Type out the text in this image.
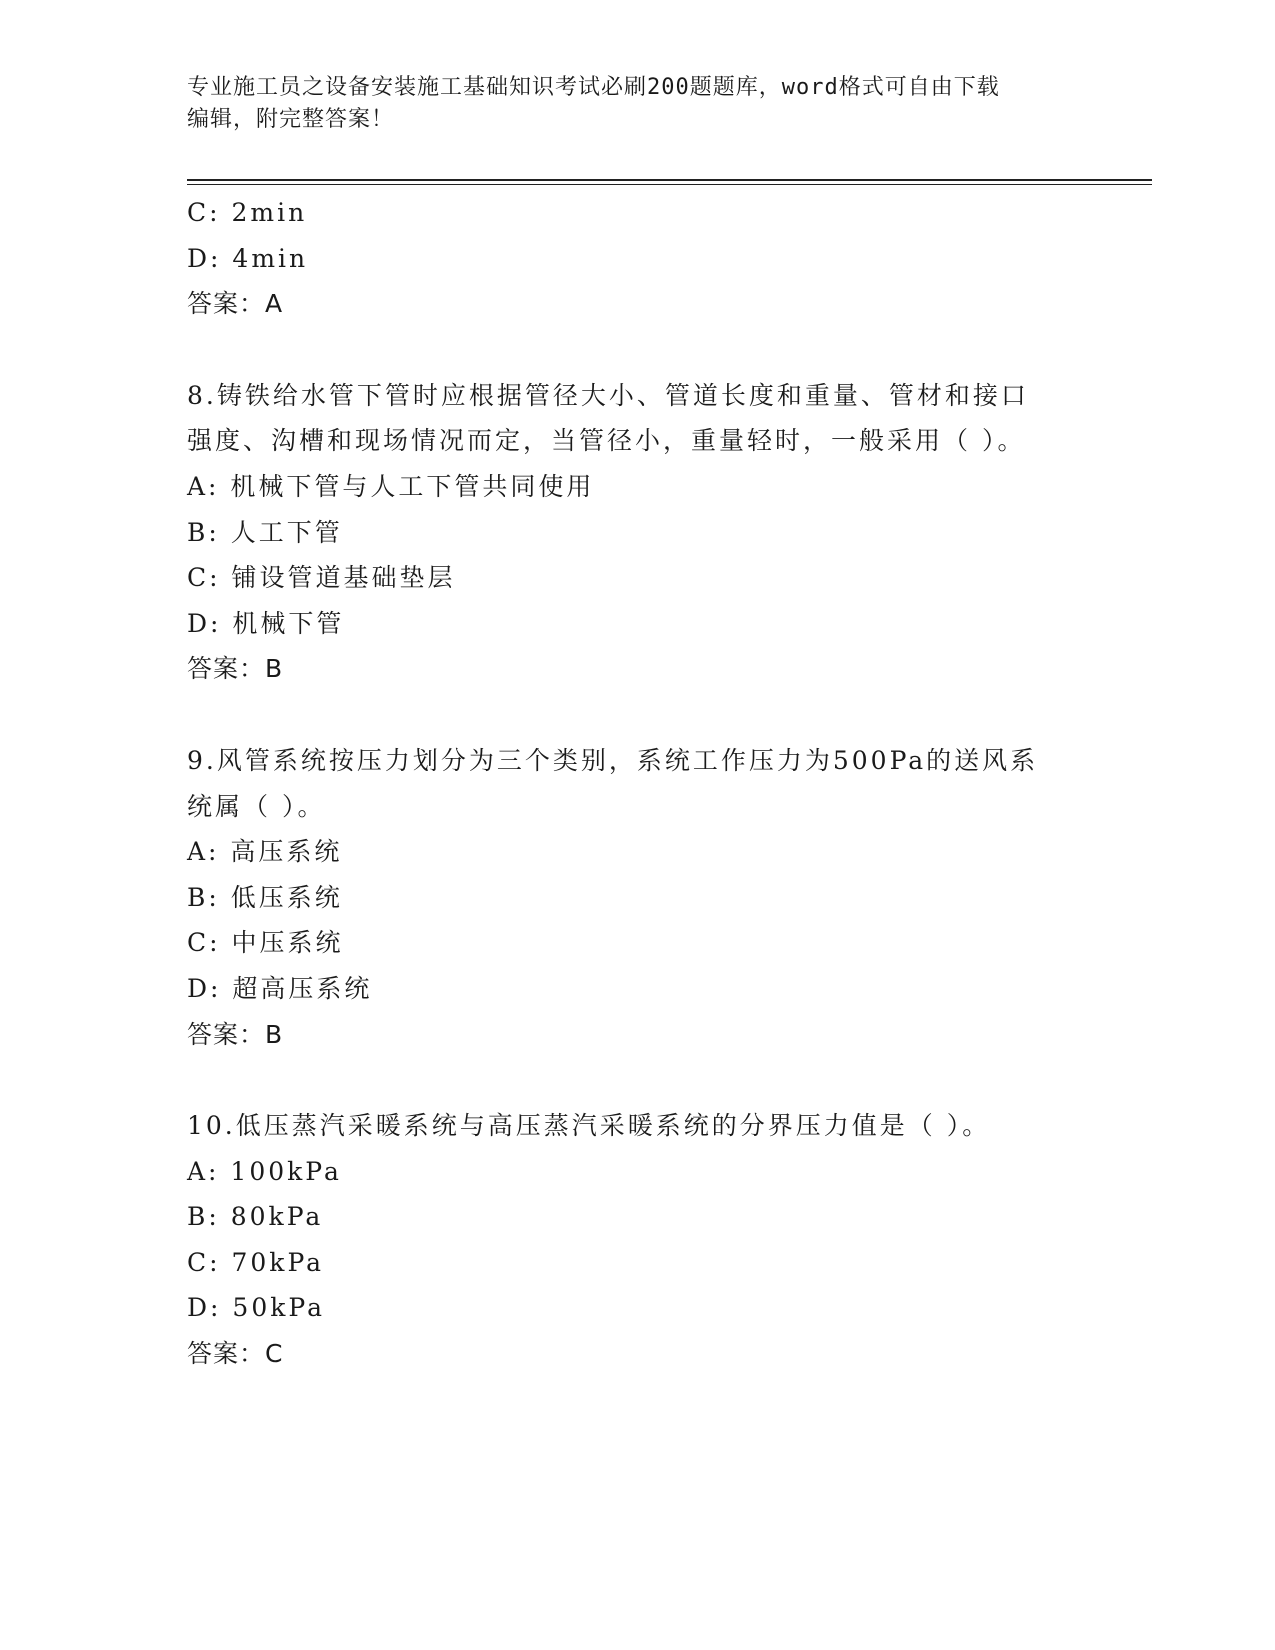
专业施工员之设备安装施工基础知识考试必刷200题题库，word格式可自由下载
编辑，附完整答案！
C: 2min
D: 4min
答案：A
8.铸铁给水管下管时应根据管径大小、管道长度和重量、管材和接口
强度、沟槽和现场情况而定，当管径小，重量轻时，一般采用（ ）。
A: 机械下管与人工下管共同使用
B: 人工下管
C: 铺设管道基础垫层
D: 机械下管
答案：B
9.风管系统按压力划分为三个类别，系统工作压力为500Pa的送风系
统属（ ）。
A: 高压系统
B: 低压系统
C: 中压系统
D: 超高压系统
答案：B
10.低压蒸汽采暖系统与高压蒸汽采暖系统的分界压力值是（ ）。
A: 100kPa
B: 80kPa
C: 70kPa
D: 50kPa
答案：C
